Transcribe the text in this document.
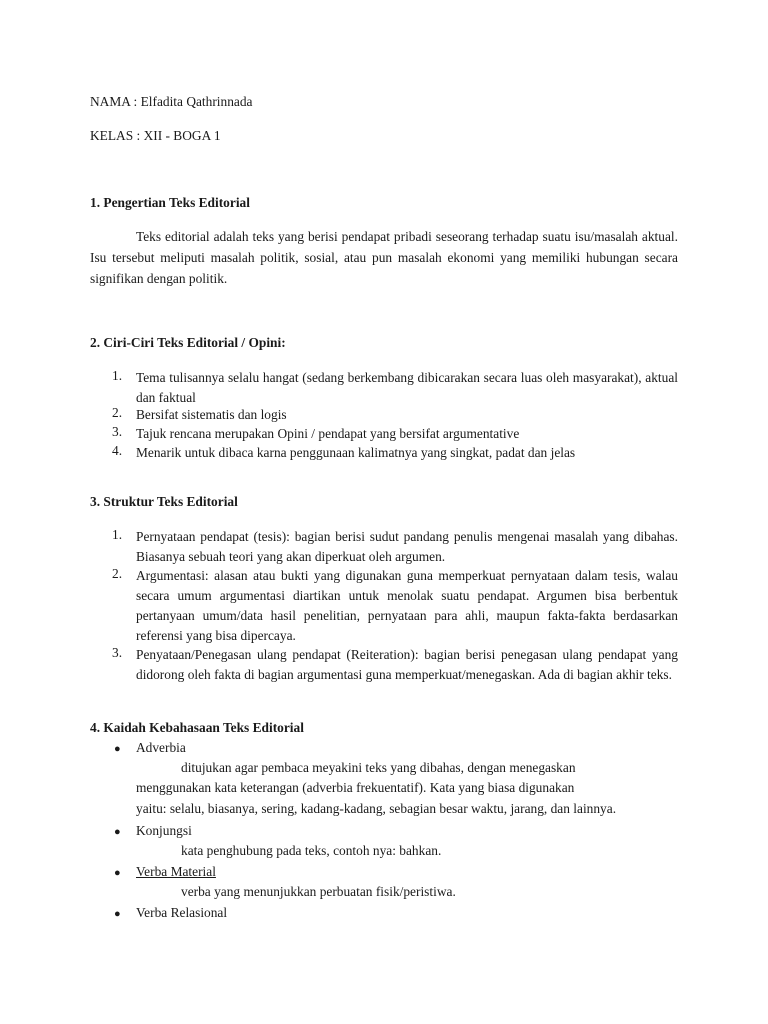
NAMA : Elfadita Qathrinnada
KELAS : XII - BOGA 1
1. Pengertian Teks Editorial
Teks editorial adalah teks yang berisi pendapat pribadi seseorang terhadap suatu isu/masalah aktual. Isu tersebut meliputi masalah politik, sosial, atau pun masalah ekonomi yang memiliki hubungan secara signifikan dengan politik.
2. Ciri-Ciri Teks Editorial / Opini:
1.	Tema tulisannya selalu hangat (sedang berkembang dibicarakan secara luas oleh masyarakat), aktual dan faktual
2.	Bersifat sistematis dan logis
3.	Tajuk rencana merupakan Opini / pendapat yang bersifat argumentative
4.	Menarik untuk dibaca karna penggunaan kalimatnya yang singkat, padat dan jelas
3. Struktur Teks Editorial
1.	Pernyataan pendapat (tesis): bagian berisi sudut pandang penulis mengenai masalah yang dibahas. Biasanya sebuah teori yang akan diperkuat oleh argumen.
2.	Argumentasi: alasan atau bukti yang digunakan guna memperkuat pernyataan dalam tesis, walau secara umum argumentasi diartikan untuk menolak suatu pendapat. Argumen bisa berbentuk pertanyaan umum/data hasil penelitian, pernyataan para ahli, maupun fakta-fakta berdasarkan referensi yang bisa dipercaya.
3.	Penyataan/Penegasan ulang pendapat (Reiteration): bagian berisi penegasan ulang pendapat yang didorong oleh fakta di bagian argumentasi guna memperkuat/menegaskan. Ada di bagian akhir teks.
4. Kaidah Kebahasaan Teks Editorial
● Adverbia
ditujukan agar pembaca meyakini teks yang dibahas, dengan menegaskan
menggunakan kata keterangan (adverbia frekuentatif). Kata yang biasa digunakan
yaitu: selalu, biasanya, sering, kadang-kadang, sebagian besar waktu, jarang, dan lainnya.
● Konjungsi
kata penghubung pada teks, contoh nya: bahkan.
● Verba Material
verba yang menunjukkan perbuatan fisik/peristiwa.
● Verba Relasional
